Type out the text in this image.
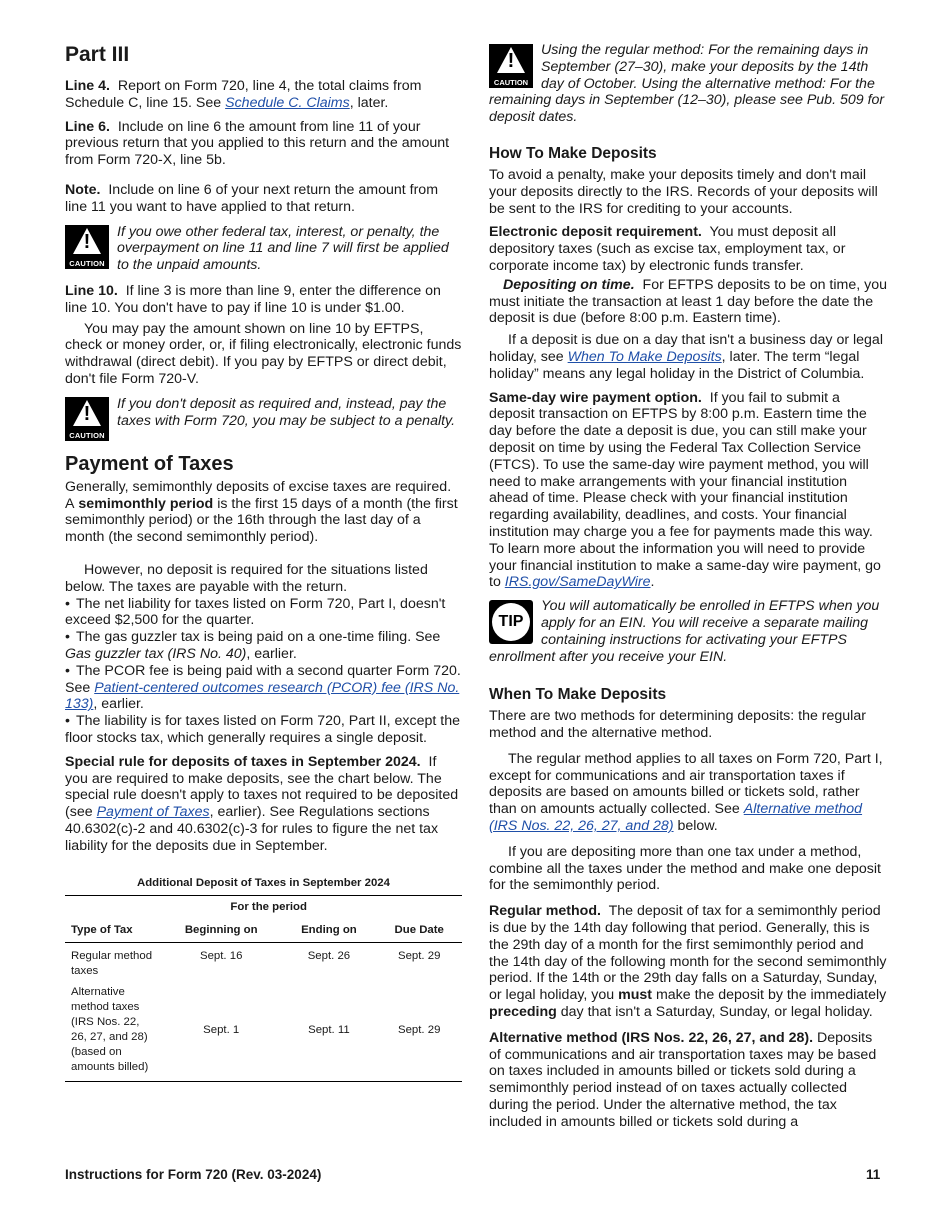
Part III

Line 4. Report on Form 720, line 4, the total claims from Schedule C, line 15. See Schedule C. Claims, later.

Line 6. Include on line 6 the amount from line 11 of your previous return that you applied to this return and the amount from Form 720-X, line 5b.

Note. Include on line 6 of your next return the amount from line 11 you want to have applied to that return.

!
CAUTION
If you owe other federal tax, interest, or penalty, the overpayment on line 11 and line 7 will first be applied to the unpaid amounts.

Line 10. If line 3 is more than line 9, enter the difference on line 10. You don't have to pay if line 10 is under $1.00.

You may pay the amount shown on line 10 by EFTPS, check or money order, or, if filing electronically, electronic funds withdrawal (direct debit). If you pay by EFTPS or direct debit, don't file Form 720-V.

!
CAUTION
If you don't deposit as required and, instead, pay the taxes with Form 720, you may be subject to a penalty.
Payment of Taxes

Generally, semimonthly deposits of excise taxes are required. A semimonthly period is the first 15 days of a month (the first semimonthly period) or the 16th through the last day of a month (the second semimonthly period).

However, no deposit is required for the situations listed below. The taxes are payable with the return.

• The net liability for taxes listed on Form 720, Part I, doesn't exceed $2,500 for the quarter.

• The gas guzzler tax is being paid on a one-time filing. See Gas guzzler tax (IRS No. 40), earlier.

• The PCOR fee is being paid with a second quarter Form 720. See Patient-centered outcomes research (PCOR) fee (IRS No. 133), earlier.

• The liability is for taxes listed on Form 720, Part II, except the floor stocks tax, which generally requires a single deposit.

Special rule for deposits of taxes in September 2024. If you are required to make deposits, see the chart below. The special rule doesn't apply to taxes not required to be deposited (see Payment of Taxes, earlier). See Regulations sections 40.6302(c)-2 and 40.6302(c)-3 for rules to figure the net tax liability for the deposits due in September.

Additional Deposit of Taxes in September 2024
	For the period		
Type of Tax	Beginning on	Ending on	Due Date
Regular method taxes	Sept. 16	Sept. 26	Sept. 29
Alternative method taxes (IRS Nos. 22, 26, 27, and 28) (based on amounts billed)	Sept. 1	Sept. 11	Sept. 29
!
CAUTION
Using the regular method: For the remaining days in September (27–30), make your deposits by the 14th day of October. Using the alternative method: For the remaining days in September (12–30), please see Pub. 509 for deposit dates.
How To Make Deposits

To avoid a penalty, make your deposits timely and don't mail your deposits directly to the IRS. Records of your deposits will be sent to the IRS for crediting to your accounts.

Electronic deposit requirement. You must deposit all depository taxes (such as excise tax, employment tax, or corporate income tax) by electronic funds transfer.

Depositing on time. For EFTPS deposits to be on time, you must initiate the transaction at least 1 day before the date the deposit is due (before 8:00 p.m. Eastern time).

If a deposit is due on a day that isn't a business day or legal holiday, see When To Make Deposits, later. The term “legal holiday” means any legal holiday in the District of Columbia.

Same-day wire payment option. If you fail to submit a deposit transaction on EFTPS by 8:00 p.m. Eastern time the day before the date a deposit is due, you can still make your deposit on time by using the Federal Tax Collection Service (FTCS). To use the same-day wire payment method, you will need to make arrangements with your financial institution ahead of time. Please check with your financial institution regarding availability, deadlines, and costs. Your financial institution may charge you a fee for payments made this way. To learn more about the information you will need to provide your financial institution to make a same-day wire payment, go to IRS.gov/SameDayWire.

TIP
You will automatically be enrolled in EFTPS when you apply for an EIN. You will receive a separate mailing containing instructions for activating your EFTPS enrollment after you receive your EIN.
When To Make Deposits

There are two methods for determining deposits: the regular method and the alternative method.

The regular method applies to all taxes on Form 720, Part I, except for communications and air transportation taxes if deposits are based on amounts billed or tickets sold, rather than on amounts actually collected. See Alternative method (IRS Nos. 22, 26, 27, and 28) below.

If you are depositing more than one tax under a method, combine all the taxes under the method and make one deposit for the semimonthly period.

Regular method. The deposit of tax for a semimonthly period is due by the 14th day following that period. Generally, this is the 29th day of a month for the first semimonthly period and the 14th day of the following month for the second semimonthly period. If the 14th or the 29th day falls on a Saturday, Sunday, or legal holiday, you must make the deposit by the immediately preceding day that isn't a Saturday, Sunday, or legal holiday.

Alternative method (IRS Nos. 22, 26, 27, and 28). Deposits of communications and air transportation taxes may be based on taxes included in amounts billed or tickets sold during a semimonthly period instead of on taxes actually collected during the period. Under the alternative method, the tax included in amounts billed or tickets sold during a

Instructions for Form 720 (Rev. 03-2024)	11
